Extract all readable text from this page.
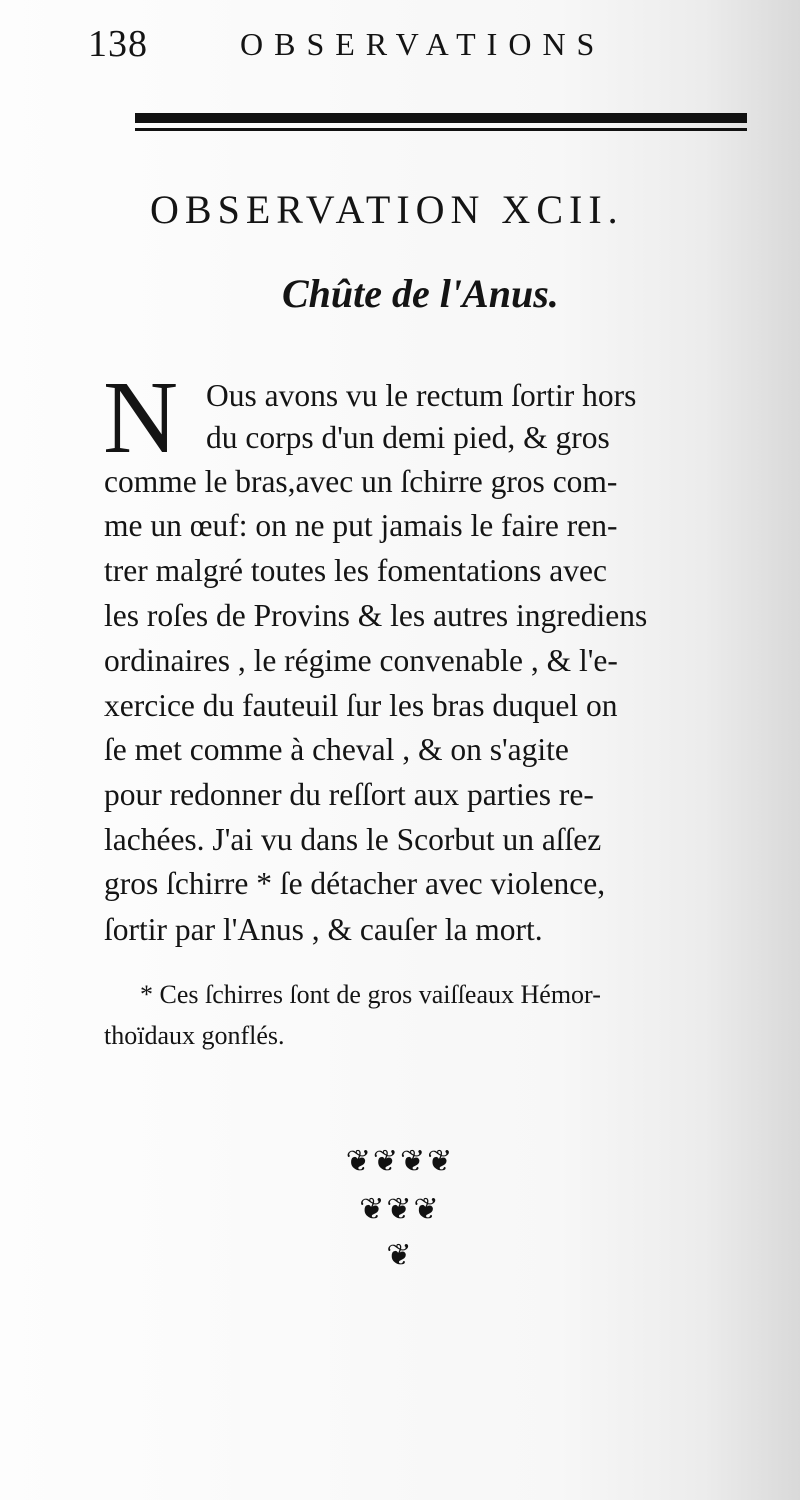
138	OBSERVATIONS
OBSERVATION XCII.
Chûte de l'Anus.
N Ous avons vu le rectum ſortir hors
du corps d'un demi pied, & gros
comme le bras,avec un ſchirre gros com-
me un œuf: on ne put jamais le faire ren-
trer malgré toutes les fomentations avec
les roſes de Provins & les autres ingrediens
ordinaires , le régime convenable , & l'e-
xercice du fauteuil ſur les bras duquel on
ſe met comme à cheval , & on s'agite
pour redonner du reſſort aux parties re-
lachées. J'ai vu dans le Scorbut un aſſez
gros ſchirre * ſe détacher avec violence,
ſortir par l'Anus , & cauſer la mort.
* Ces ſchirres ſont de gros vaiſſeaux Hémor-
thoïdaux gonflés.
❦❦❦❦
❦❦❦
❦
